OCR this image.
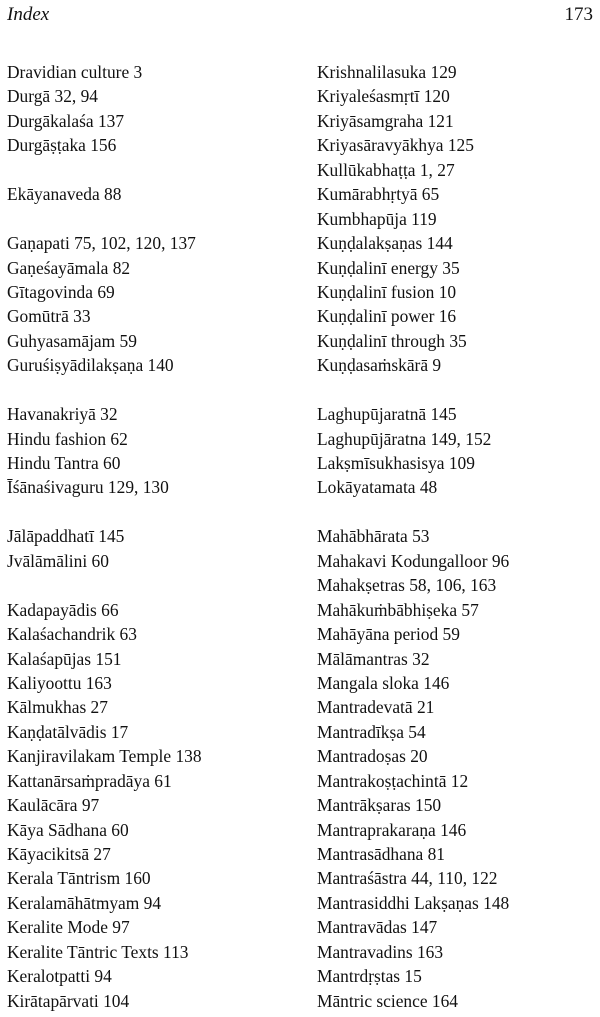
Index	173
Dravidian culture 3
Durgā 32, 94
Durgākalaśa 137
Durgāṣṭaka 156
Ekāyanaveda 88
Gaṇapati 75, 102, 120, 137
Gaṇeśayāmala 82
Gītagovinda 69
Gomūtrā 33
Guhyasamājam 59
Guruśiṣyādilakṣaṇa 140
Havanakriyā 32
Hindu fashion 62
Hindu Tantra 60
Īśānaśivaguru 129, 130
Jālāpaddhatī 145
Jvālāmālini 60
Kadapayādis 66
Kalaśachandrik 63
Kalaśapūjas 151
Kaliyoottu 163
Kālmukhas 27
Kaṇḍatālvādis 17
Kanjiravilakam Temple 138
Kattanārsaṁpradāya 61
Kaulācāra 97
Kāya Sādhana 60
Kāyacikitsā 27
Kerala Tāntrism 160
Keralamāhātmyam 94
Keralite Mode 97
Keralite Tāntric Texts 113
Keralotpatti 94
Kirātapārvati 104
Krishnalilasuka 129
Kriyaleśasmṛtī 120
Kriyāsamgraha 121
Kriyasāravyākhya 125
Kullūkabhaṭṭa 1, 27
Kumārabhṛtyā 65
Kumbhapūja 119
Kuṇḍalakṣaṇas 144
Kuṇḍalinī energy 35
Kuṇḍalinī fusion 10
Kuṇḍalinī power 16
Kuṇḍalinī through 35
Kuṇḍasaṁskārā 9
Laghupūjaratnā 145
Laghupūjāratna 149, 152
Lakṣmīsukhasisya 109
Lokāyatamata 48
Mahābhārata 53
Mahakavi Kodungalloor 96
Mahakṣetras 58, 106, 163
Mahākuṁbābhiṣeka 57
Mahāyāna period 59
Mālāmantras 32
Mangala sloka 146
Mantradevatā 21
Mantradīkṣa 54
Mantradoṣas 20
Mantrakoṣṭachintā 12
Mantrākṣaras 150
Mantraprakaraṇa 146
Mantrasādhana 81
Mantraśāstra 44, 110, 122
Mantrasiddhi Lakṣaṇas 148
Mantravādas 147
Mantravadins 163
Mantrdṛṣtas 15
Māntric science 164
